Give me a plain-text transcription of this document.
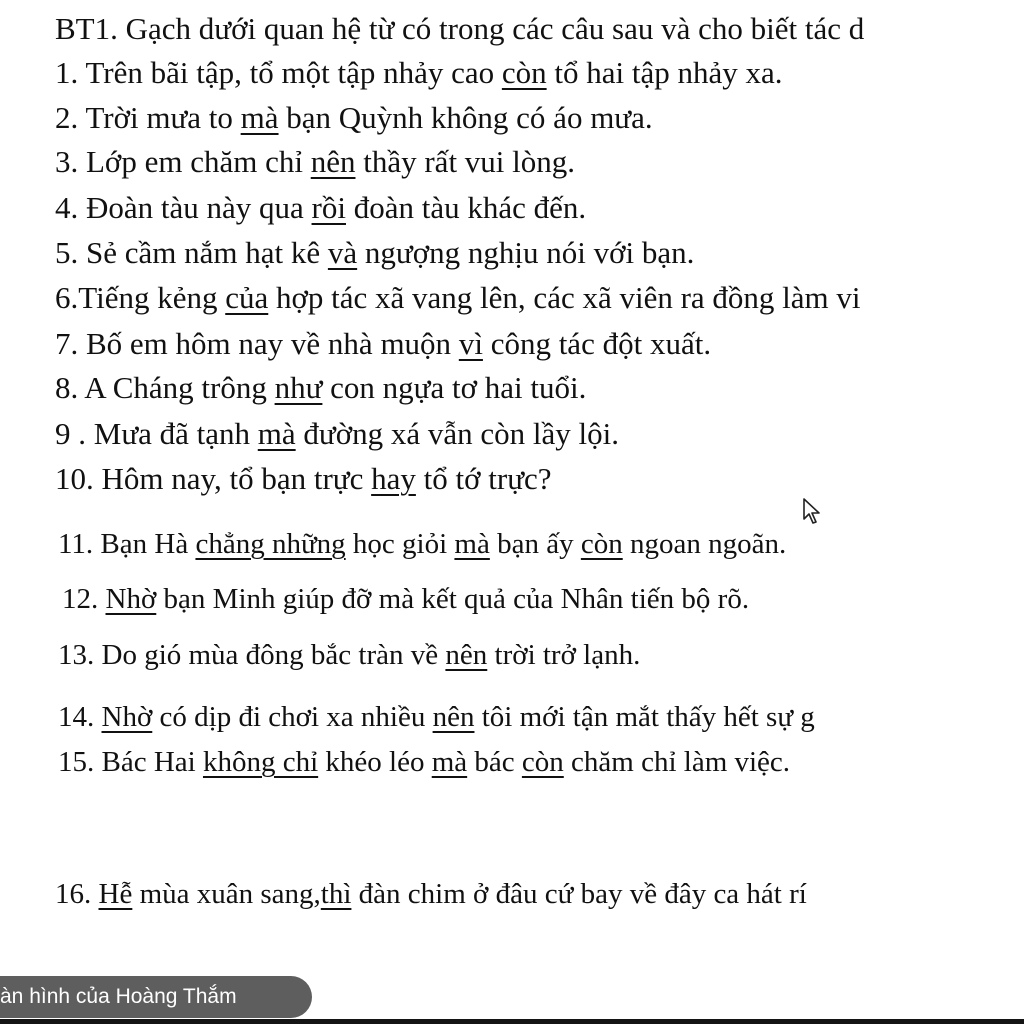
BT1. Gạch dưới quan hệ từ có trong các câu sau và cho biết tác d
1. Trên bãi tập, tổ một tập nhảy cao còn tổ hai tập nhảy xa.
2. Trời mưa to mà bạn Quỳnh không có áo mưa.
3. Lớp em chăm chỉ nên thầy rất vui lòng.
4. Đoàn tàu này qua rồi đoàn tàu khác đến.
5. Sẻ cầm nắm hạt kê và ngượng nghịu nói với bạn.
6.Tiếng kẻng của hợp tác xã vang lên, các xã viên ra đồng làm vi
7. Bố em hôm nay về nhà muộn vì công tác đột xuất.
8. A Cháng trông như con ngựa tơ hai tuổi.
9 . Mưa đã tạnh mà đường xá vẫn còn lầy lội.
10. Hôm nay, tổ bạn trực hay tổ tớ trực?
11. Bạn Hà chẳng những học giỏi mà bạn ấy còn ngoan ngoãn.
12. Nhờ bạn Minh giúp đỡ mà kết quả của Nhân tiến bộ rõ.
13. Do gió mùa đông bắc tràn về nên trời trở lạnh.
14. Nhờ có dịp đi chơi xa nhiều nên tôi mới tận mắt thấy hết sự g
15. Bác Hai không chỉ khéo léo mà bác còn chăm chỉ làm việc.
16. Hễ mùa xuân sang,thì đàn chim ở đâu cứ bay về đây ca hát rí
àn hình của Hoàng Thắm
